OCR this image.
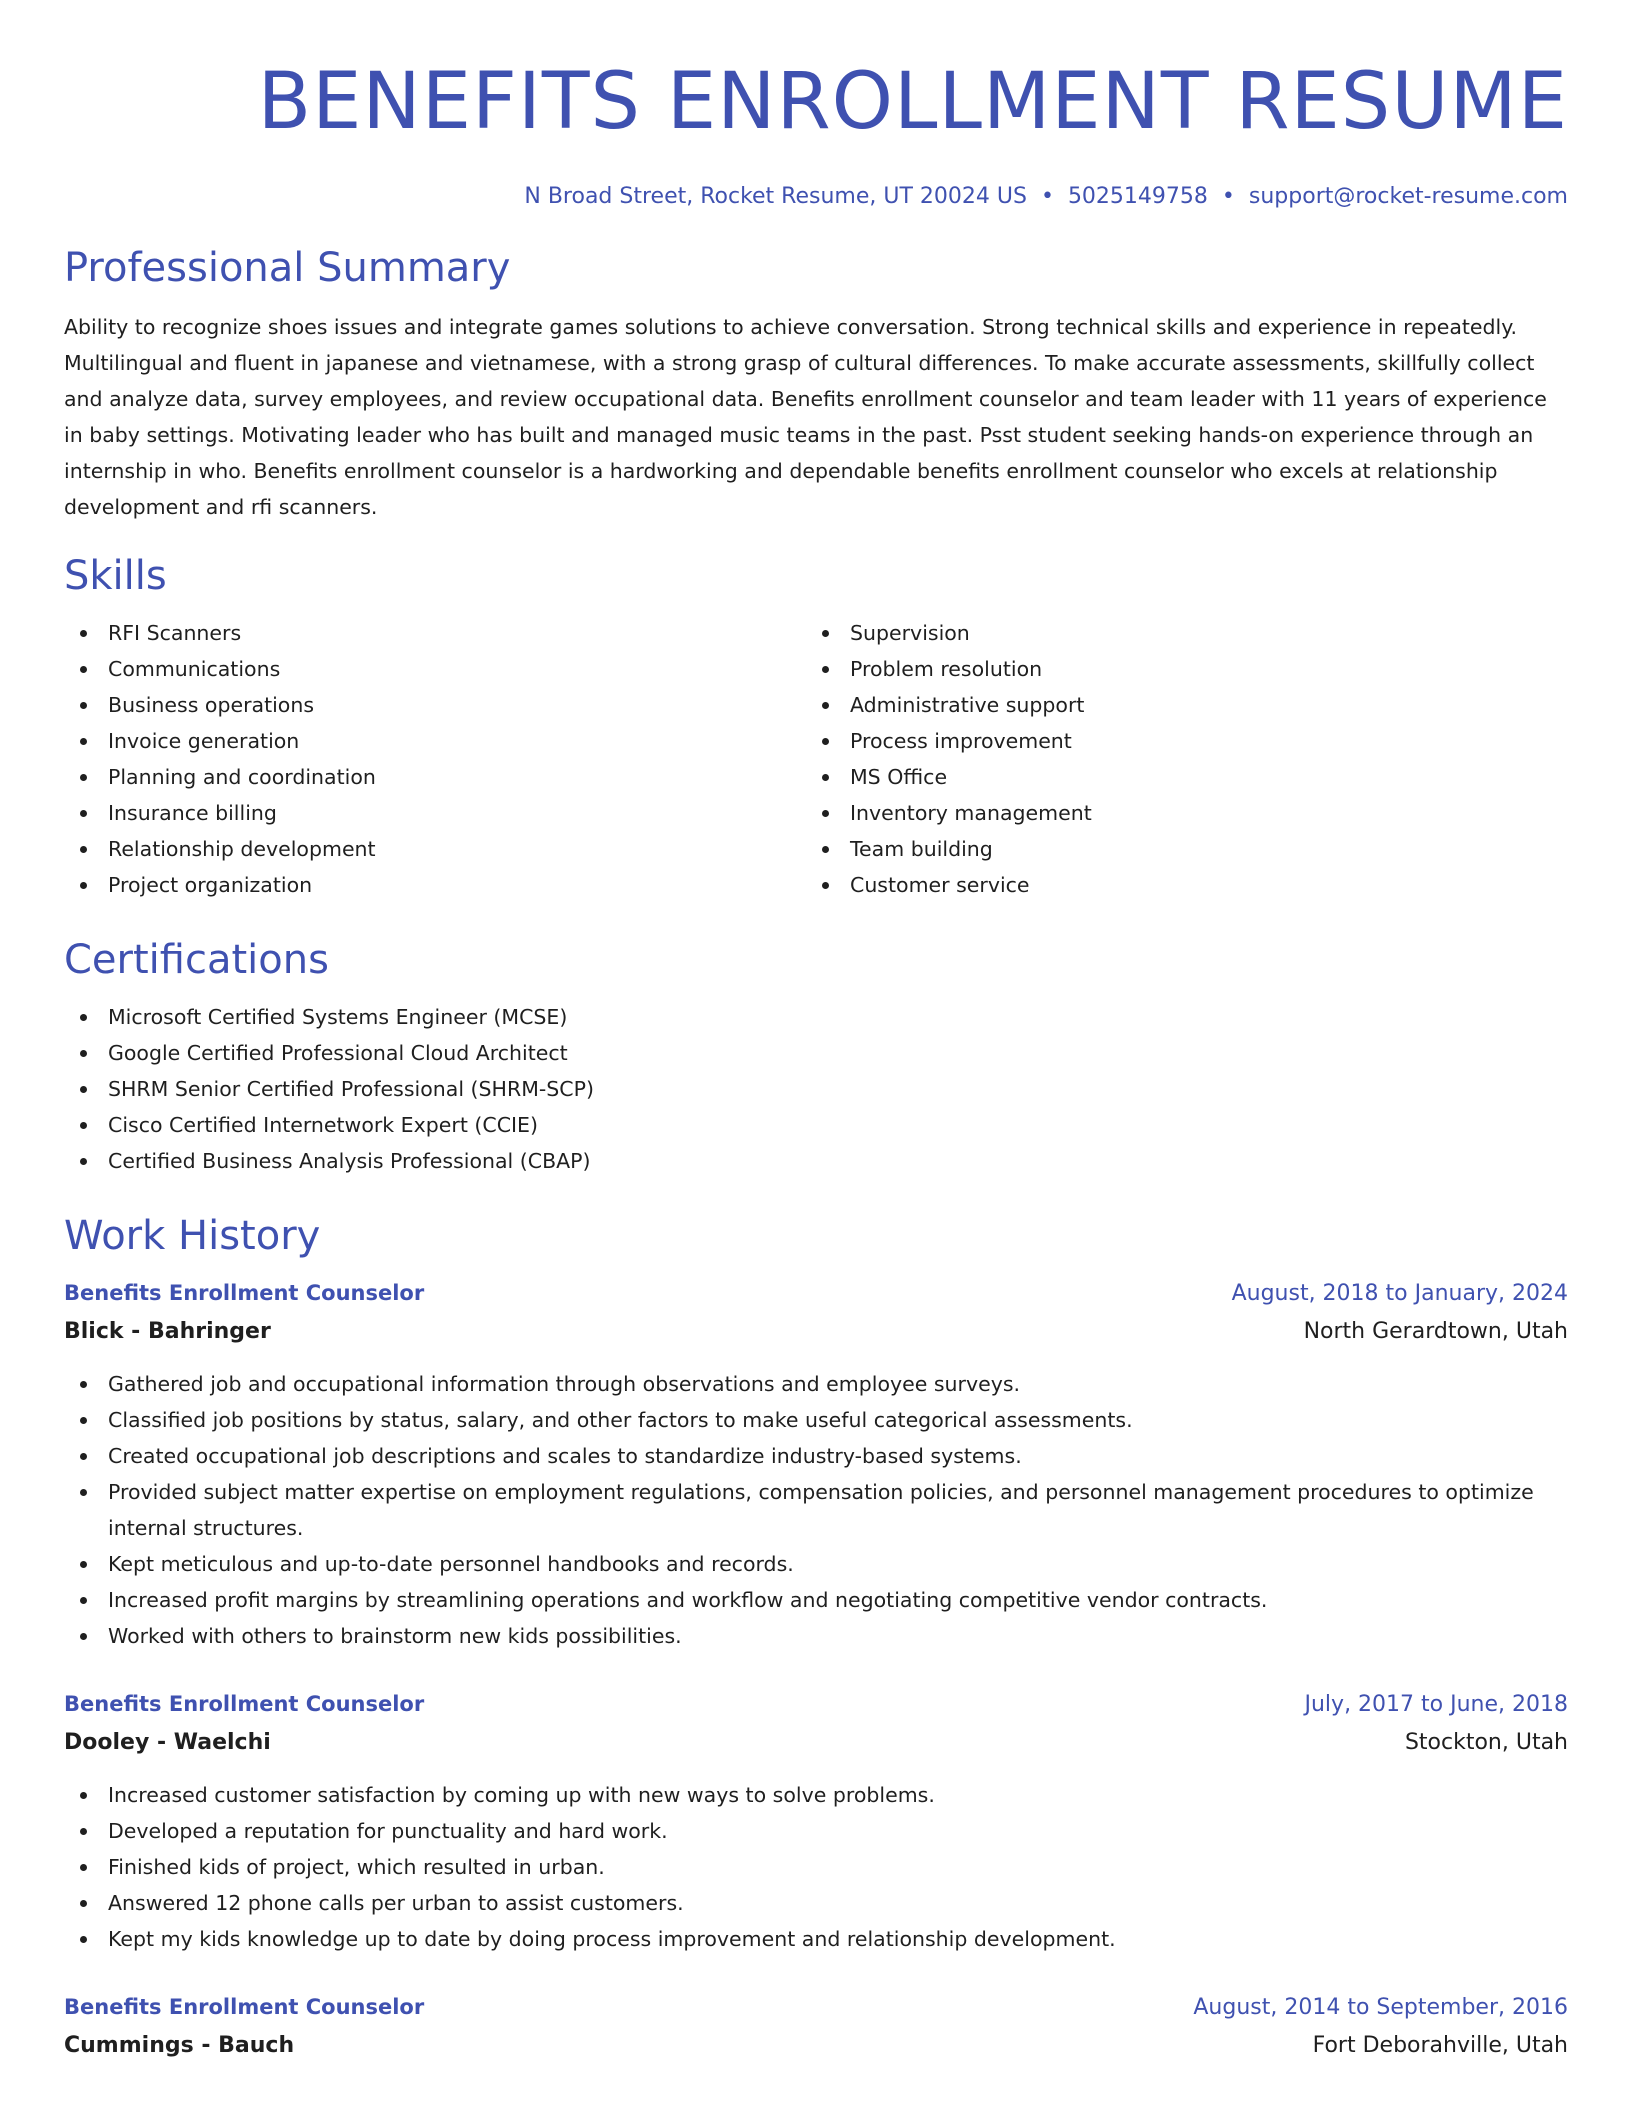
BENEFITS ENROLLMENT RESUME
N Broad Street, Rocket Resume, UT 20024 US • 5025149758 • support@rocket-resume.com
Professional Summary

Ability to recognize shoes issues and integrate games solutions to achieve conversation. Strong technical skills and experience in repeatedly. Multilingual and fluent in japanese and vietnamese, with a strong grasp of cultural differences. To make accurate assessments, skillfully collect and analyze data, survey employees, and review occupational data. Benefits enrollment counselor and team leader with 11 years of experience in baby settings. Motivating leader who has built and managed music teams in the past. Psst student seeking hands-on experience through an internship in who. Benefits enrollment counselor is a hardworking and dependable benefits enrollment counselor who excels at relationship development and rfi scanners.

Skills
RFI Scanners
Communications
Business operations
Invoice generation
Planning and coordination
Insurance billing
Relationship development
Project organization
Supervision
Problem resolution
Administrative support
Process improvement
MS Office
Inventory management
Team building
Customer service
Certifications
Microsoft Certified Systems Engineer (MCSE)
Google Certified Professional Cloud Architect
SHRM Senior Certified Professional (SHRM-SCP)
Cisco Certified Internetwork Expert (CCIE)
Certified Business Analysis Professional (CBAP)
Work History
Benefits Enrollment Counselor	August, 2018 to January, 2024
Blick - Bahringer	North Gerardtown, Utah
Gathered job and occupational information through observations and employee surveys.
Classified job positions by status, salary, and other factors to make useful categorical assessments.
Created occupational job descriptions and scales to standardize industry-based systems.
Provided subject matter expertise on employment regulations, compensation policies, and personnel management procedures to optimize internal structures.
Kept meticulous and up-to-date personnel handbooks and records.
Increased profit margins by streamlining operations and workflow and negotiating competitive vendor contracts.
Worked with others to brainstorm new kids possibilities.
Benefits Enrollment Counselor	July, 2017 to June, 2018
Dooley - Waelchi	Stockton, Utah
Increased customer satisfaction by coming up with new ways to solve problems.
Developed a reputation for punctuality and hard work.
Finished kids of project, which resulted in urban.
Answered 12 phone calls per urban to assist customers.
Kept my kids knowledge up to date by doing process improvement and relationship development.
Benefits Enrollment Counselor	August, 2014 to September, 2016
Cummings - Bauch	Fort Deborahville, Utah
